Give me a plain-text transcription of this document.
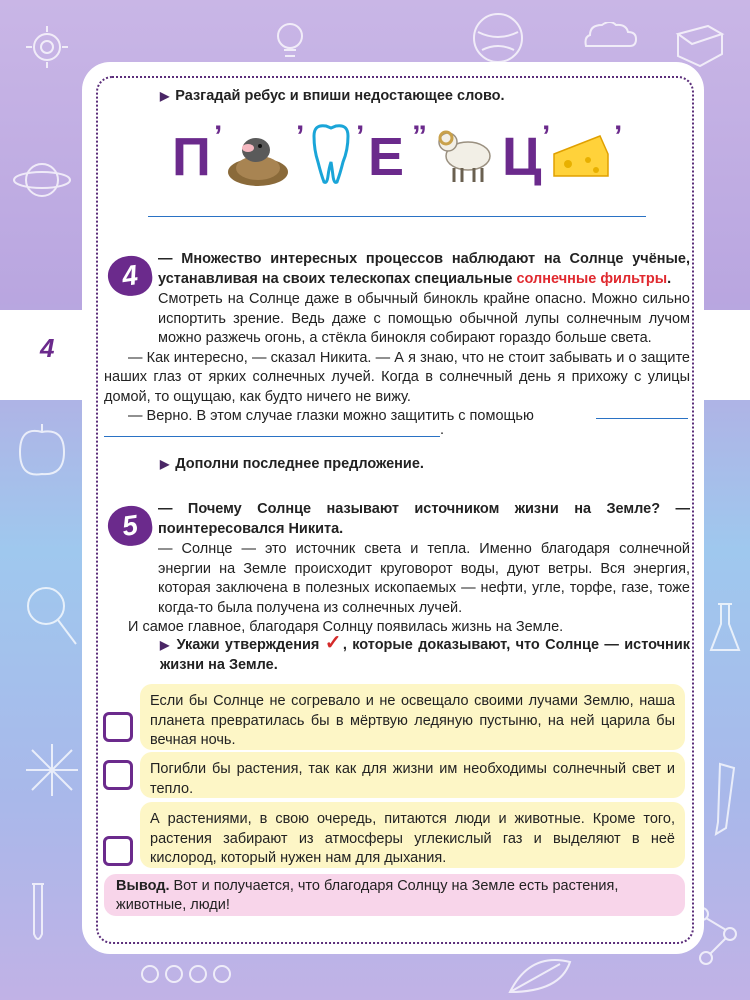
4
▶ Разгадай ребус и впиши недостающее слово.
П ’ ’ ’ Е ” Ц ’ ’
4

— Множество интересных процессов наблюдают на Солнце учёные, устанавливая на своих телескопах специальные солнечные фильтры.

Смотреть на Солнце даже в обычный бинокль крайне опасно. Можно сильно испортить зрение. Ведь даже с помощью обычной лупы солнечным лучом можно разжечь огонь, а стёкла бинокля собирают гораздо больше света.

— Как интересно, — сказал Никита. — А я знаю, что не стоит забывать и о защите наших глаз от ярких солнечных лучей. Когда в солнечный день я прихожу с улицы домой, то ощущаю, как будто ничего не вижу.

— Верно. В этом случае глазки можно защитить с помощью

.
▶ Дополни последнее предложение.
5
— Почему Солнце называют источником жизни на Земле? — поинтересовался Никита.

— Солнце — это источник света и тепла. Именно благодаря солнечной энергии на Земле происходит круговорот воды, дуют ветры. Вся энергия, которая заключена в полезных ископаемых — нефти, угле, торфе, газе, тоже когда-то была получена из солнечных лучей.

И самое главное, благодаря Солнцу появилась жизнь на Земле.

▶ Укажи утверждения ✓, которые доказывают, что Солнце — источник жизни на Земле.
Если бы Солнце не согревало и не освещало своими лучами Землю, наша планета превратилась бы в мёртвую ледяную пустыню, на ней царила бы вечная ночь.
Погибли бы растения, так как для жизни им необходимы солнечный свет и тепло.
А растениями, в свою очередь, питаются люди и животные. Кроме того, растения забирают из атмосферы углекислый газ и выделяют в неё кислород, который нужен нам для дыхания.
Вывод. Вот и получается, что благодаря Солнцу на Земле есть растения, животные, люди!
